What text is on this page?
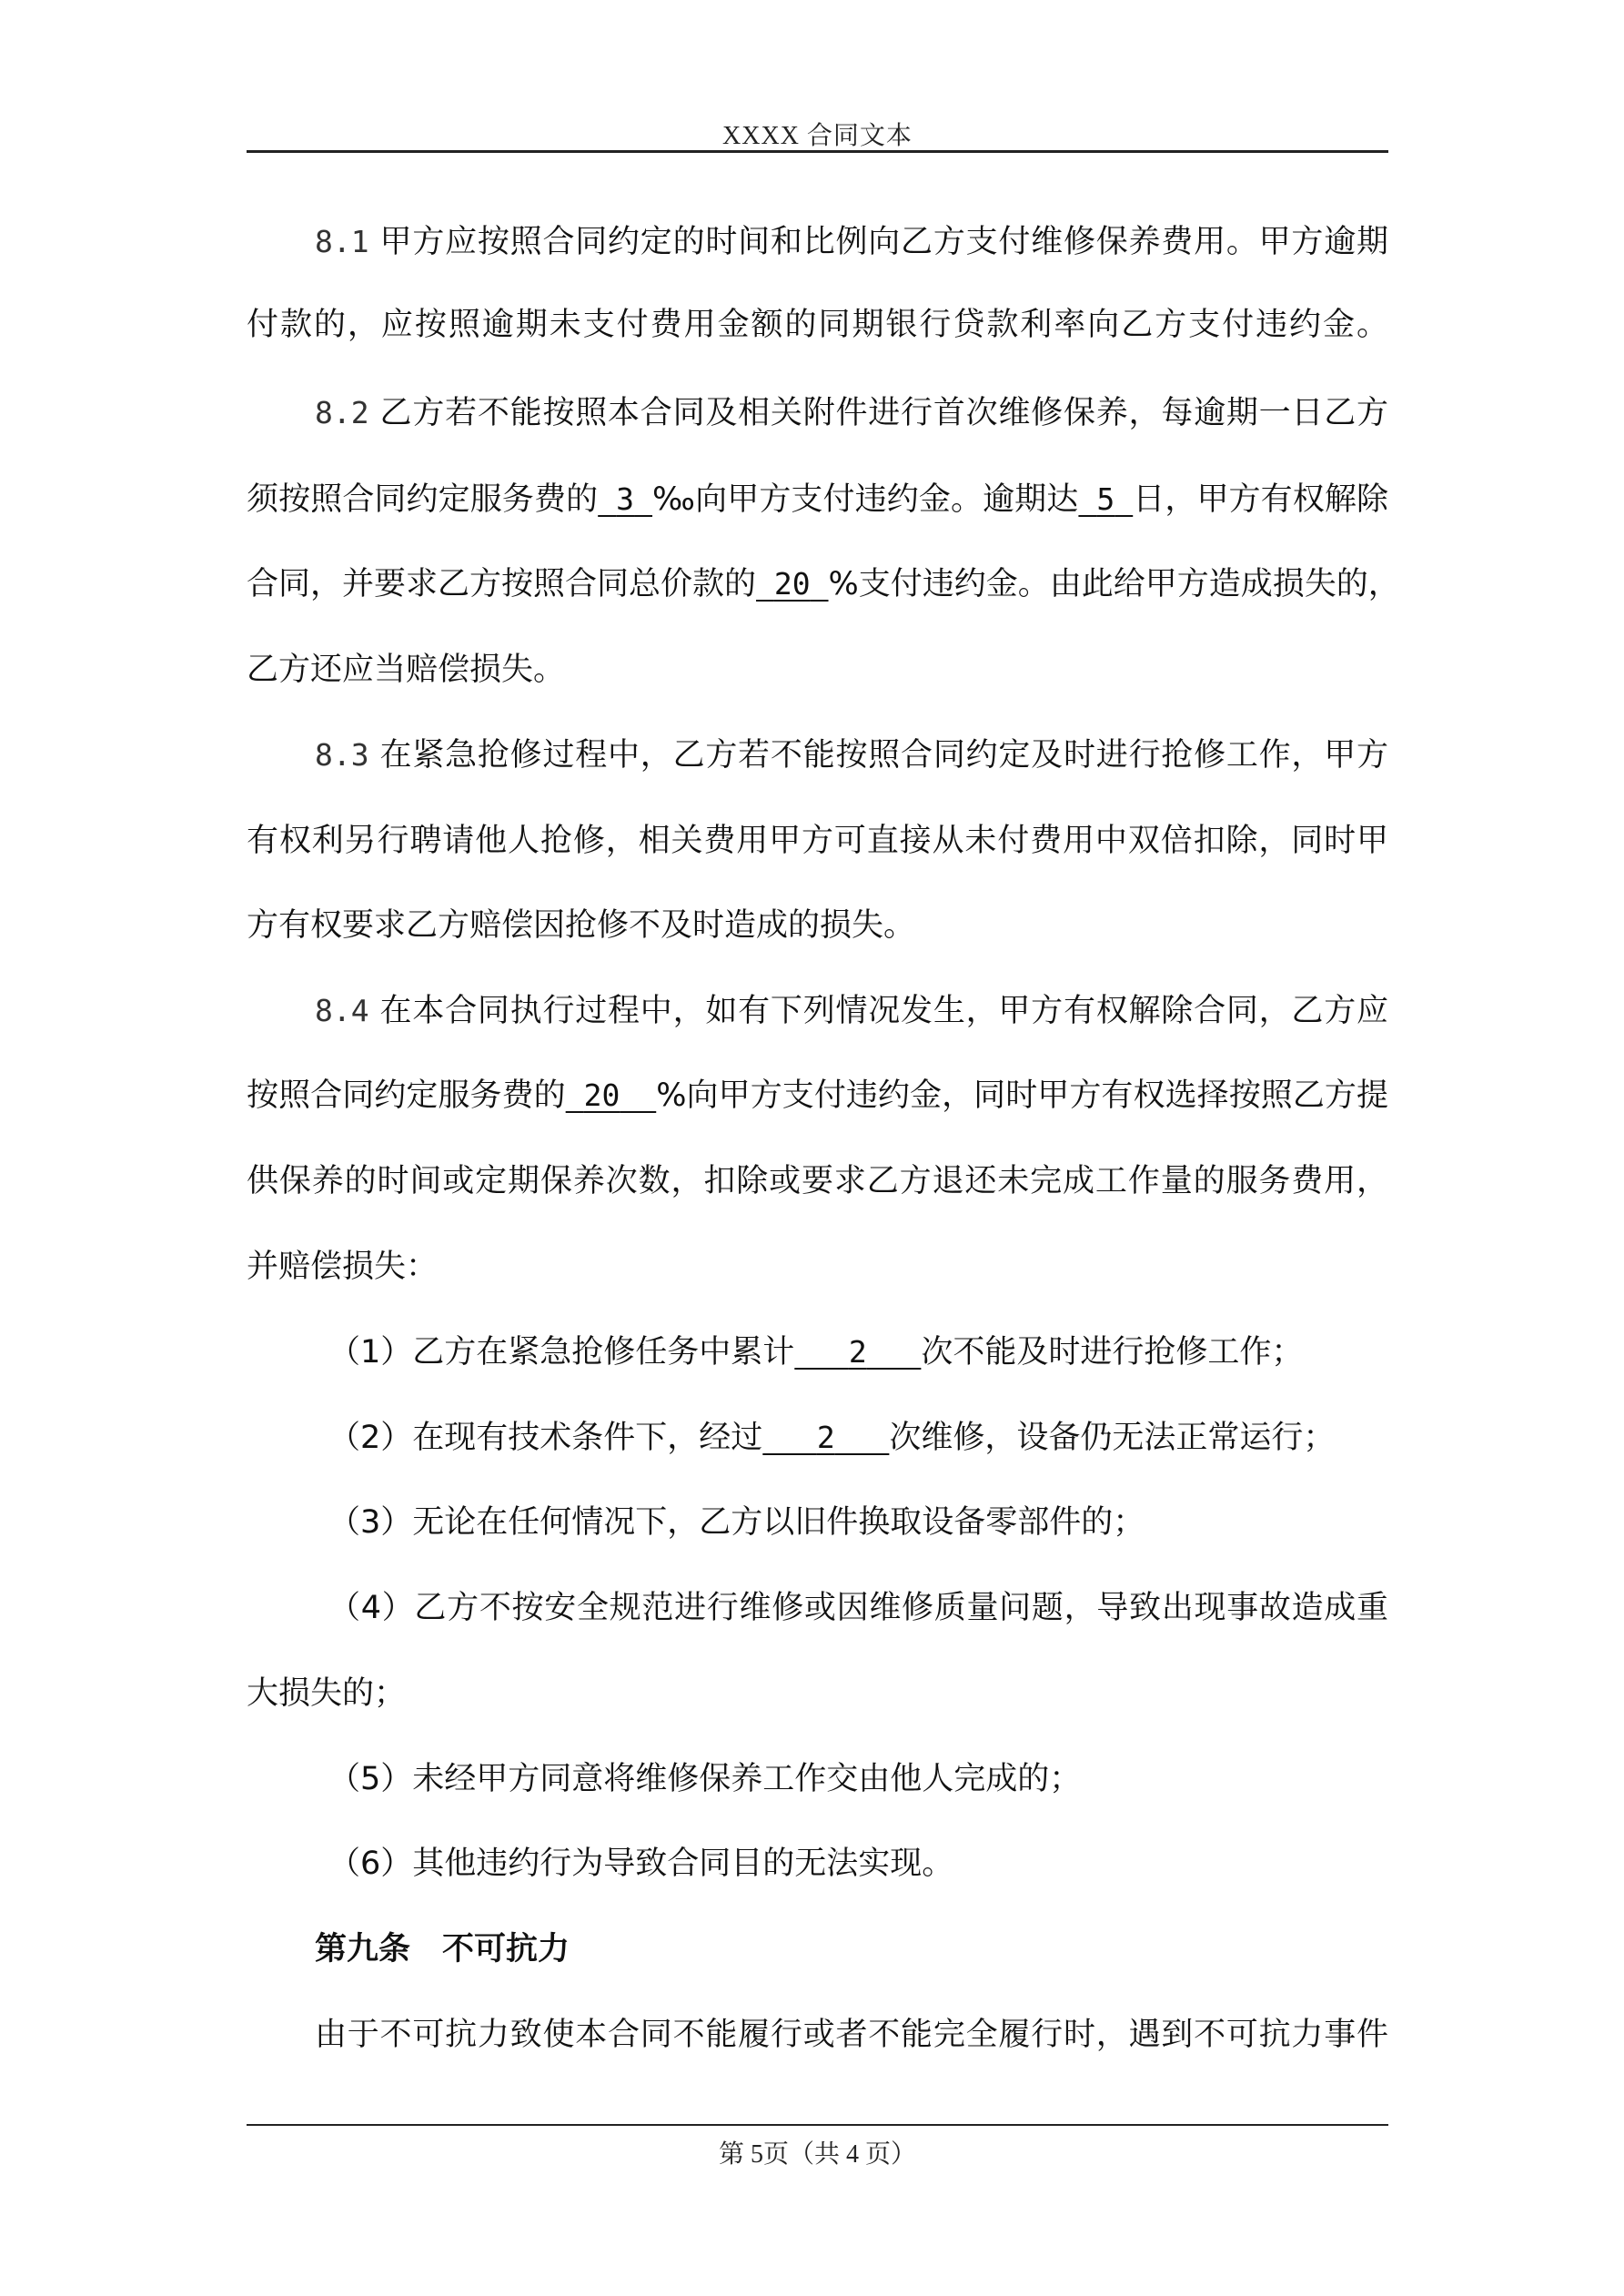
XXXX 合同文本
8.1 甲方应按照合同约定的时间和比例向乙方支付维修保养费用。甲方逾期
付款的，应按照逾期未支付费用金额的同期银行贷款利率向乙方支付违约金。
8.2 乙方若不能按照本合同及相关附件进行首次维修保养，每逾期一日乙方
须按照合同约定服务费的 3 ‰向甲方支付违约金。逾期达 5 日，甲方有权解除
合同，并要求乙方按照合同总价款的 20 %支付违约金。由此给甲方造成损失的，
乙方还应当赔偿损失。
8.3 在紧急抢修过程中，乙方若不能按照合同约定及时进行抢修工作，甲方
有权利另行聘请他人抢修，相关费用甲方可直接从未付费用中双倍扣除，同时甲
方有权要求乙方赔偿因抢修不及时造成的损失。
8.4 在本合同执行过程中，如有下列情况发生，甲方有权解除合同，乙方应
按照合同约定服务费的 20 %向甲方支付违约金，同时甲方有权选择按照乙方提
供保养的时间或定期保养次数，扣除或要求乙方退还未完成工作量的服务费用，
并赔偿损失：
（1）乙方在紧急抢修任务中累计 2 次不能及时进行抢修工作；
（2）在现有技术条件下，经过 2 次维修，设备仍无法正常运行；
（3）无论在任何情况下，乙方以旧件换取设备零部件的；
（4）乙方不按安全规范进行维修或因维修质量问题，导致出现事故造成重
大损失的；
（5）未经甲方同意将维修保养工作交由他人完成的；
（6）其他违约行为导致合同目的无法实现。
第九条　不可抗力
由于不可抗力致使本合同不能履行或者不能完全履行时，遇到不可抗力事件
第 5页（共 4 页）
